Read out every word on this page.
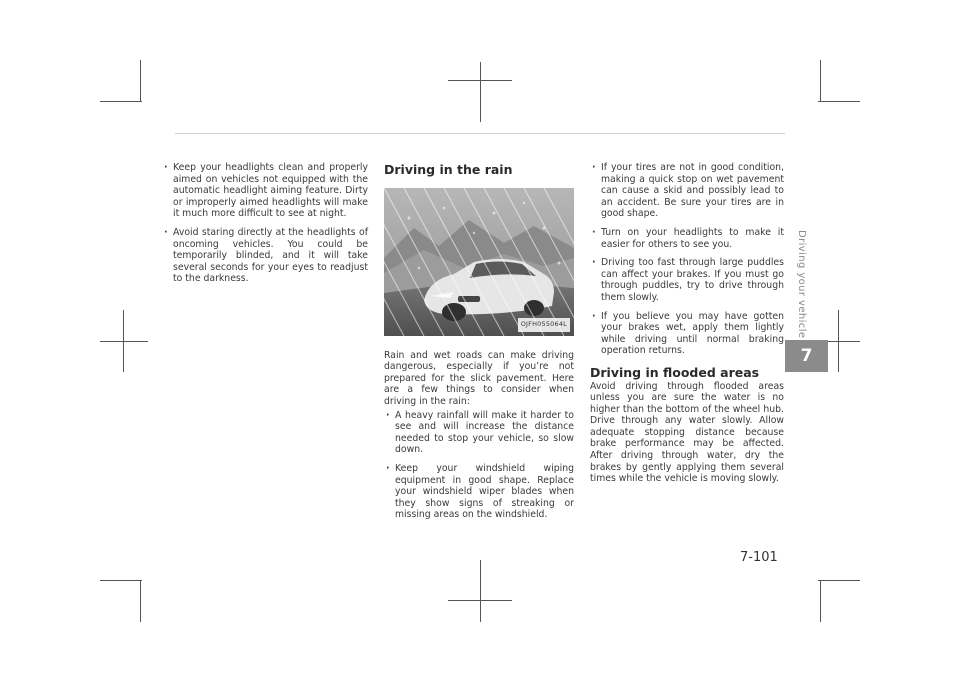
· Keep your headlights clean and properly aimed on vehicles not equipped with the automatic headlight aiming feature. Dirty or improperly aimed headlights will make it much more difficult to see at night.
· Avoid staring directly at the headlights of oncoming vehicles. You could be temporarily blinded, and it will take several seconds for your eyes to readjust to the darkness.
Driving in the rain
OJFH055064L

Rain and wet roads can make driving dangerous, especially if you’re not prepared for the slick pavement. Here are a few things to consider when driving in the rain:

· A heavy rainfall will make it harder to see and will increase the distance needed to stop your vehicle, so slow down.
· Keep your windshield wiping equipment in good shape. Replace your windshield wiper blades when they show signs of streaking or missing areas on the windshield.
· If your tires are not in good condition, making a quick stop on wet pavement can cause a skid and possibly lead to an accident. Be sure your tires are in good shape.
· Turn on your headlights to make it easier for others to see you.
· Driving too fast through large puddles can affect your brakes. If you must go through puddles, try to drive through them slowly.
· If you believe you may have gotten your brakes wet, apply them lightly while driving until normal braking operation returns.
Driving in flooded areas

Avoid driving through flooded areas unless you are sure the water is no higher than the bottom of the wheel hub. Drive through any water slowly. Allow adequate stopping distance because brake performance may be affected. After driving through water, dry the brakes by gently applying them several times while the vehicle is moving slowly.

Driving your vehicle
7
7-101
